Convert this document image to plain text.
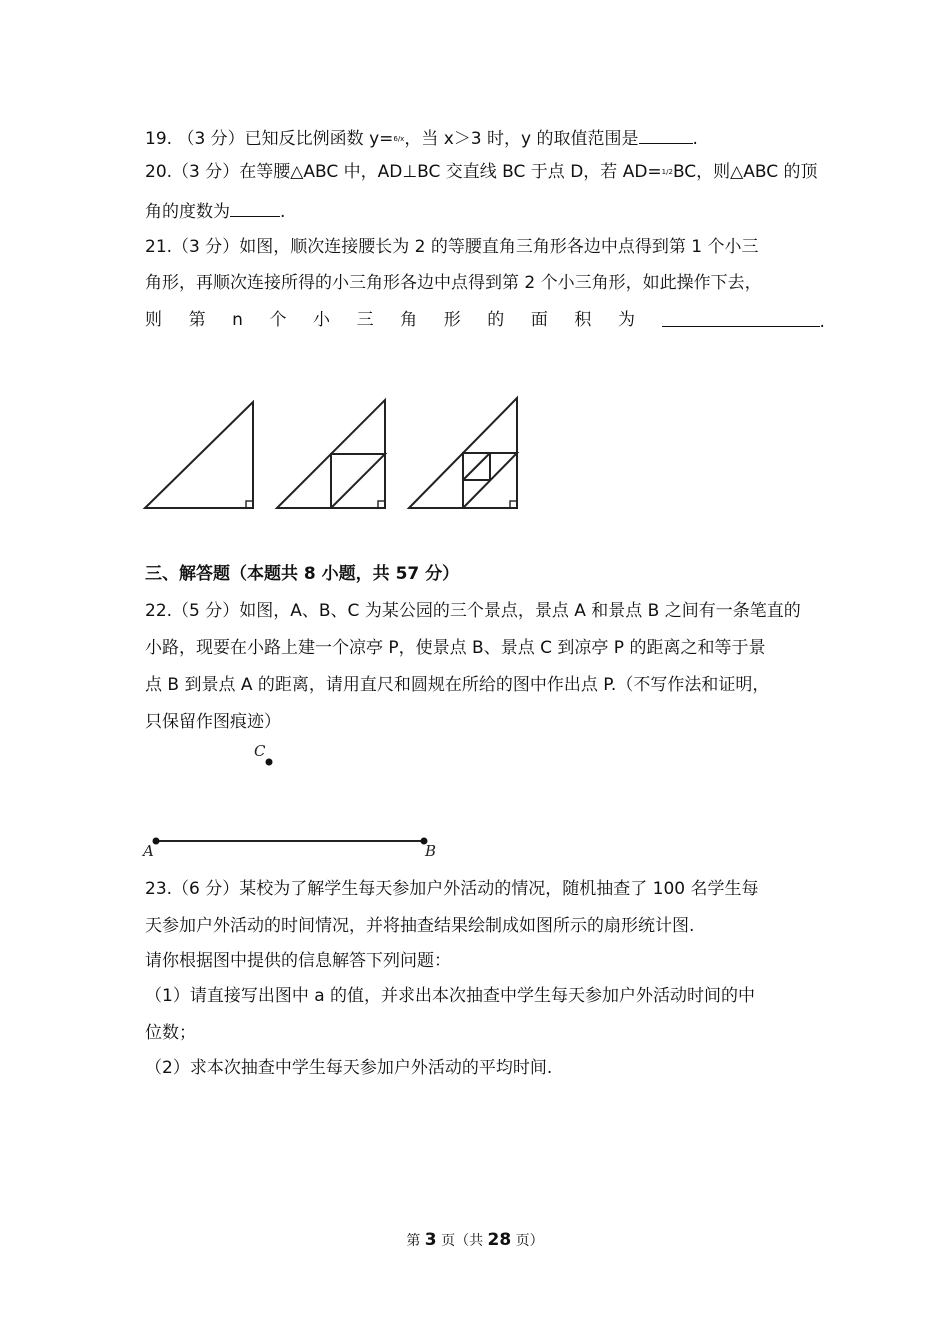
19. （3 分）已知反比例函数 y=6/x，当 x＞3 时，y 的取值范围是	.
20.（3 分）在等腰△ABC 中，AD⊥BC 交直线 BC 于点 D，若 AD=1/2BC，则△ABC 的顶
角的度数为	.
21.（3 分）如图，顺次连接腰长为 2 的等腰直角三角形各边中点得到第 1 个小三
角形，再顺次连接所得的小三角形各边中点得到第 2 个小三角形，如此操作下去，
则 第 n 个 小 三 角 形 的 面 积 为	.
三、解答题（本题共 8 小题，共 57 分）
22.（5 分）如图，A、B、C 为某公园的三个景点，景点 A 和景点 B 之间有一条笔直的
小路，现要在小路上建一个凉亭 P，使景点 B、景点 C 到凉亭 P 的距离之和等于景
点 B 到景点 A 的距离，请用直尺和圆规在所给的图中作出点 P.（不写作法和证明，
只保留作图痕迹）
C
A	B
23.（6 分）某校为了解学生每天参加户外活动的情况，随机抽查了 100 名学生每
天参加户外活动的时间情况，并将抽查结果绘制成如图所示的扇形统计图.
请你根据图中提供的信息解答下列问题：
（1）请直接写出图中 a 的值，并求出本次抽查中学生每天参加户外活动时间的中
位数；
（2）求本次抽查中学生每天参加户外活动的平均时间.
第 3 页（共 28 页）
